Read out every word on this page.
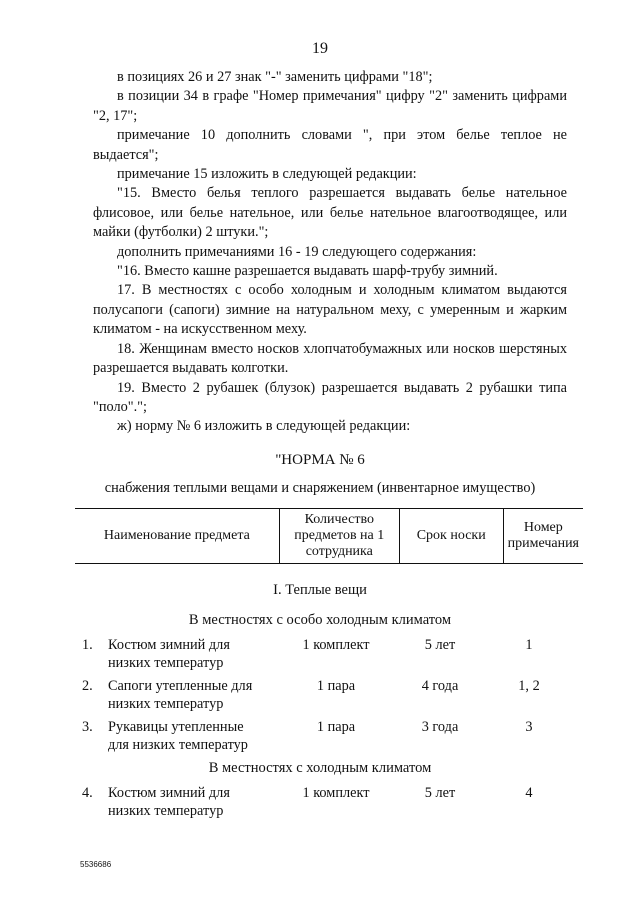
19

в позициях 26 и 27 знак "-" заменить цифрами "18";

в позиции 34 в графе "Номер примечания" цифру "2" заменить цифрами "2, 17";

примечание 10 дополнить словами ", при этом белье теплое не выдается";

примечание 15 изложить в следующей редакции:

"15. Вместо белья теплого разрешается выдавать белье нательное флисовое, или белье нательное, или белье нательное влагоотводящее, или майки (футболки) 2 штуки.";

дополнить примечаниями 16 - 19 следующего содержания:

"16. Вместо кашне разрешается выдавать шарф-трубу зимний.

17. В местностях с особо холодным и холодным климатом выдаются полусапоги (сапоги) зимние на натуральном меху, с умеренным и жарким климатом - на искусственном меху.

18. Женщинам вместо носков хлопчатобумажных или носков шерстяных разрешается выдавать колготки.

19. Вместо 2 рубашек (блузок) разрешается выдавать 2 рубашки типа "поло".";

ж) норму № 6 изложить в следующей редакции:

"НОРМА № 6
снабжения теплыми вещами и снаряжением (инвентарное имущество)
Наименование предмета	Количество предметов на 1 сотрудника	Срок носки	Номер примечания
I. Теплые вещи
В местностях с особо холодным климатом
1. Костюм зимний для низких температур
1 комплект	5 лет	1
2. Сапоги утепленные для низких температур
1 пара	4 года	1, 2
3. Рукавицы утепленные для низких температур
1 пара	3 года	3
В местностях с холодным климатом
4. Костюм зимний для низких температур
1 комплект	5 лет	4
5536686
